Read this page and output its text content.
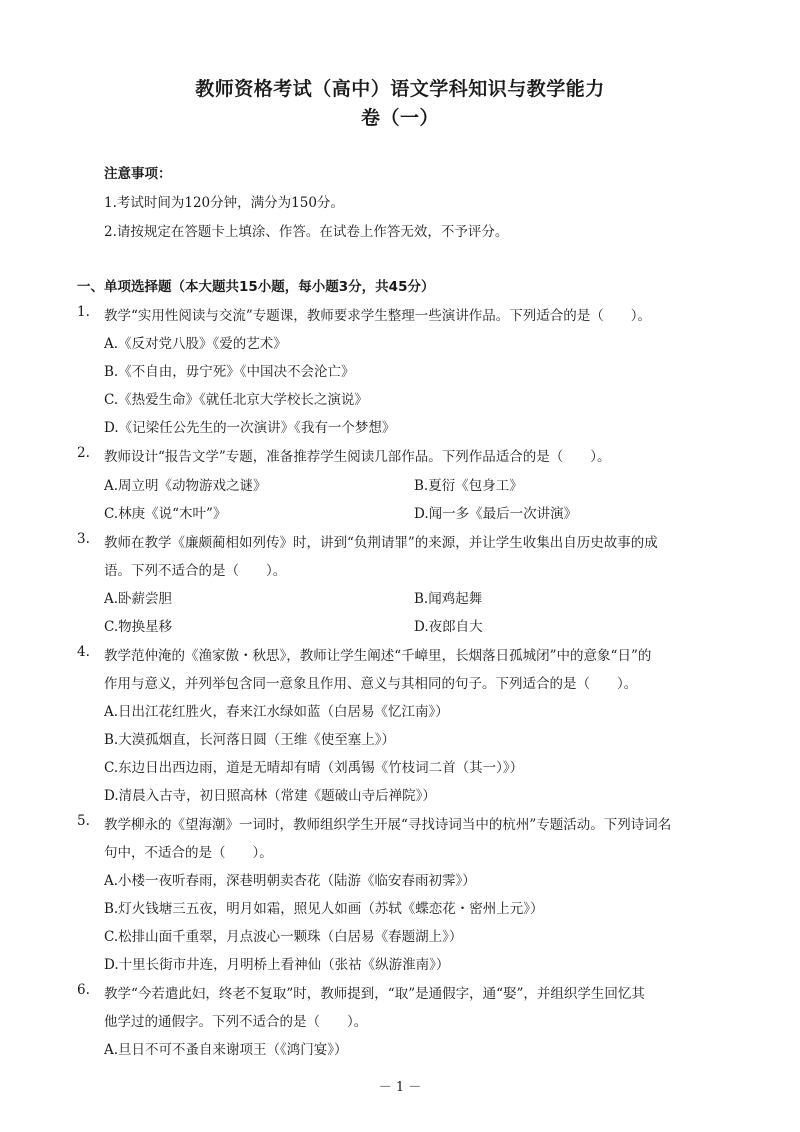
教师资格考试（高中）语文学科知识与教学能力
卷（一）
注意事项：
1.考试时间为120分钟，满分为150分。
2.请按规定在答题卡上填涂、作答。在试卷上作答无效，不予评分。
一、单项选择题（本大题共15小题，每小题3分，共45分）
1. 教学“实用性阅读与交流”专题课，教师要求学生整理一些演讲作品。下列适合的是（　　）。
A.《反对党八股》《爱的艺术》
B.《不自由，毋宁死》《中国决不会沦亡》
C.《热爱生命》《就任北京大学校长之演说》
D.《记梁任公先生的一次演讲》《我有一个梦想》
2. 教师设计“报告文学”专题，准备推荐学生阅读几部作品。下列作品适合的是（　　）。
A.周立明《动物游戏之谜》	B.夏衍《包身工》
C.林庚《说“木叶”》	D.闻一多《最后一次讲演》
3. 教师在教学《廉颇蔺相如列传》时，讲到“负荆请罪”的来源，并让学生收集出自历史故事的成
语。下列不适合的是（　　）。
A.卧薪尝胆	B.闻鸡起舞
C.物换星移	D.夜郎自大
4. 教学范仲淹的《渔家傲・秋思》，教师让学生阐述“千嶂里，长烟落日孤城闭”中的意象“日”的
作用与意义，并列举包含同一意象且作用、意义与其相同的句子。下列适合的是（　　）。
A.日出江花红胜火，春来江水绿如蓝（白居易《忆江南》）
B.大漠孤烟直，长河落日圆（王维《使至塞上》）
C.东边日出西边雨，道是无晴却有晴（刘禹锡《竹枝词二首（其一）》）
D.清晨入古寺，初日照高林（常建《题破山寺后禅院》）
5. 教学柳永的《望海潮》一词时，教师组织学生开展“寻找诗词当中的杭州”专题活动。下列诗词名
句中，不适合的是（　　）。
A.小楼一夜听春雨，深巷明朝卖杏花（陆游《临安春雨初霁》）
B.灯火钱塘三五夜，明月如霜，照见人如画（苏轼《蝶恋花・密州上元》）
C.松排山面千重翠，月点波心一颗珠（白居易《春题湖上》）
D.十里长街市井连，月明桥上看神仙（张祜《纵游淮南》）
6. 教学“今若遣此妇，终老不复取”时，教师提到，“取”是通假字，通“娶”，并组织学生回忆其
他学过的通假字。下列不适合的是（　　）。
A.旦日不可不蚤自来谢项王（《鸿门宴》）
－ 1 －
